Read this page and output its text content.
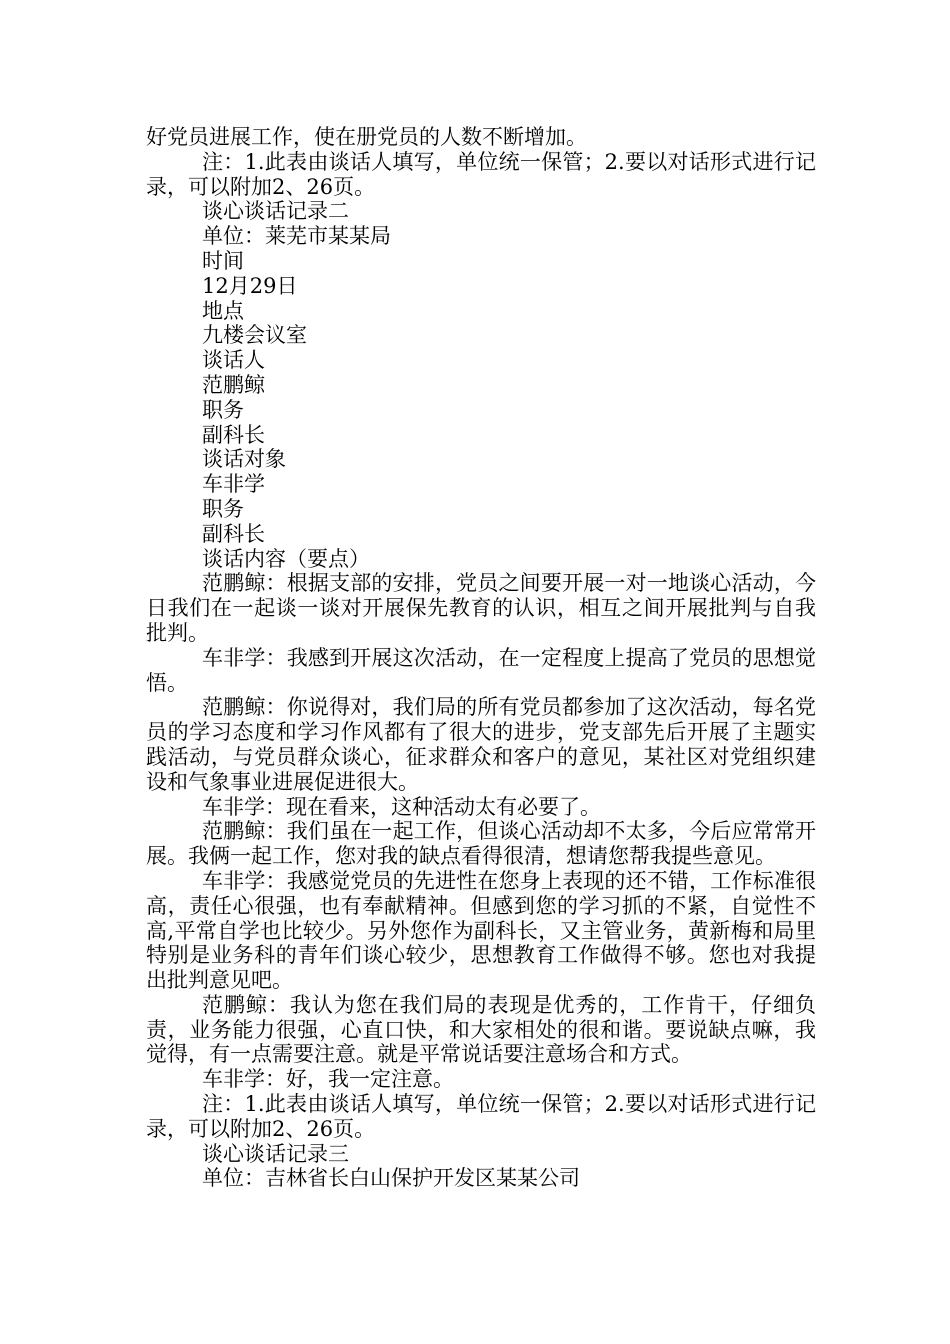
好党员进展工作，使在册党员的人数不断增加。

注：1.此表由谈话人填写，单位统一保管；2.要以对话形式进行记录，可以附加2、26页。

谈心谈话记录二

单位：莱芜市某某局

时间

12月29日

地点

九楼会议室

谈话人

范鹏鲸

职务

副科长

谈话对象

车非学

职务

副科长

谈话内容（要点）

范鹏鲸：根据支部的安排，党员之间要开展一对一地谈心活动，今日我们在一起谈一谈对开展保先教育的认识，相互之间开展批判与自我批判。

车非学：我感到开展这次活动，在一定程度上提高了党员的思想觉悟。

范鹏鲸：你说得对，我们局的所有党员都参加了这次活动，每名党员的学习态度和学习作风都有了很大的进步，党支部先后开展了主题实践活动，与党员群众谈心，征求群众和客户的意见，某社区对党组织建设和气象事业进展促进很大。

车非学：现在看来，这种活动太有必要了。

范鹏鲸：我们虽在一起工作，但谈心活动却不太多，今后应常常开展。我俩一起工作，您对我的缺点看得很清，想请您帮我提些意见。

车非学：我感觉党员的先进性在您身上表现的还不错，工作标准很高，责任心很强，也有奉献精神。但感到您的学习抓的不紧，自觉性不高,平常自学也比较少。另外您作为副科长，又主管业务，黄新梅和局里特别是业务科的青年们谈心较少，思想教育工作做得不够。您也对我提出批判意见吧。

范鹏鲸：我认为您在我们局的表现是优秀的，工作肯干，仔细负责，业务能力很强，心直口快，和大家相处的很和谐。要说缺点嘛，我觉得，有一点需要注意。就是平常说话要注意场合和方式。

车非学：好，我一定注意。

注：1.此表由谈话人填写，单位统一保管；2.要以对话形式进行记录，可以附加2、26页。

谈心谈话记录三

单位：吉林省长白山保护开发区某某公司
